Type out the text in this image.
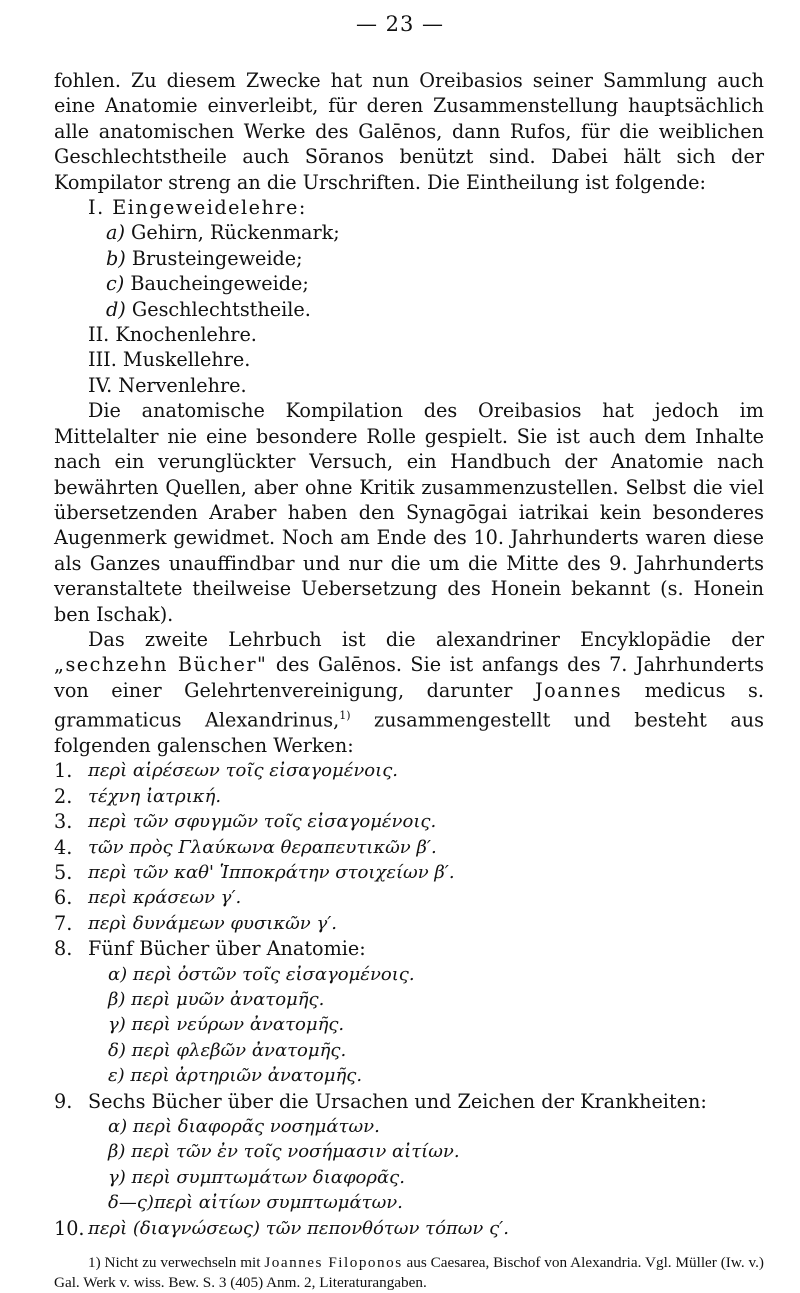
— 23 —

fohlen. Zu diesem Zwecke hat nun Oreibasios seiner Sammlung auch eine Anatomie einverleibt, für deren Zusammenstellung hauptsächlich alle anatomischen Werke des Galēnos, dann Rufos, für die weiblichen Geschlechtstheile auch Sōranos benützt sind. Dabei hält sich der Kompilator streng an die Urschriften. Die Eintheilung ist folgende:

I. Eingeweidelehre:
a) Gehirn, Rückenmark;
b) Brusteingeweide;
c) Baucheingeweide;
d) Geschlechtstheile.
II. Knochenlehre.
III. Muskellehre.
IV. Nervenlehre.

Die anatomische Kompilation des Oreibasios hat jedoch im Mittelalter nie eine besondere Rolle gespielt. Sie ist auch dem Inhalte nach ein verunglückter Versuch, ein Handbuch der Anatomie nach bewährten Quellen, aber ohne Kritik zusammenzustellen. Selbst die viel übersetzenden Araber haben den Synagōgai iatrikai kein besonderes Augenmerk gewidmet. Noch am Ende des 10. Jahrhunderts waren diese als Ganzes unauffindbar und nur die um die Mitte des 9. Jahrhunderts veranstaltete theilweise Uebersetzung des Honein bekannt (s. Honein ben Ischak).

Das zweite Lehrbuch ist die alexandriner Encyklopädie der „sechzehn Bücher" des Galēnos. Sie ist anfangs des 7. Jahrhunderts von einer Gelehrtenvereinigung, darunter Joannes medicus s. grammaticus Alexandrinus,$^{1)}$ zusammengestellt und besteht aus folgenden galenschen Werken:

1. περὶ αἱρέσεων τοῖς εἰσαγομένοις.
2. τέχνη ἰατρική.
3. περὶ τῶν σφυγμῶν τοῖς εἰσαγομένοις.
4. τῶν πρὸς Γλαύκωνα θεραπευτικῶν β′.
5. περὶ τῶν καθ' Ἱπποκράτην στοιχείων β′.
6. περὶ κράσεων γ′.
7. περὶ δυνάμεων φυσικῶν γ′.
8. Fünf Bücher über Anatomie:
α) περὶ ὀστῶν τοῖς εἰσαγομένοις.
β) περὶ μυῶν ἀνατομῆς.
γ) περὶ νεύρων ἀνατομῆς.
δ) περὶ φλεβῶν ἀνατομῆς.
ε) περὶ ἀρτηριῶν ἀνατομῆς.
9. Sechs Bücher über die Ursachen und Zeichen der Krankheiten:
α) περὶ διαφορᾶς νοσημάτων.
β) περὶ τῶν ἐν τοῖς νοσήμασιν αἰτίων.
γ) περὶ συμπτωμάτων διαφορᾶς.
δ—ς)περὶ αἰτίων συμπτωμάτων.
10. περὶ (διαγνώσεως) τῶν πεπονθότων τόπων ς′.

1) Nicht zu verwechseln mit Joannes Filoponos aus Caesarea, Bischof von Alexandria. Vgl. Müller (Iw. v.) Gal. Werk v. wiss. Bew. S. 3 (405) Anm. 2, Literaturangaben.
